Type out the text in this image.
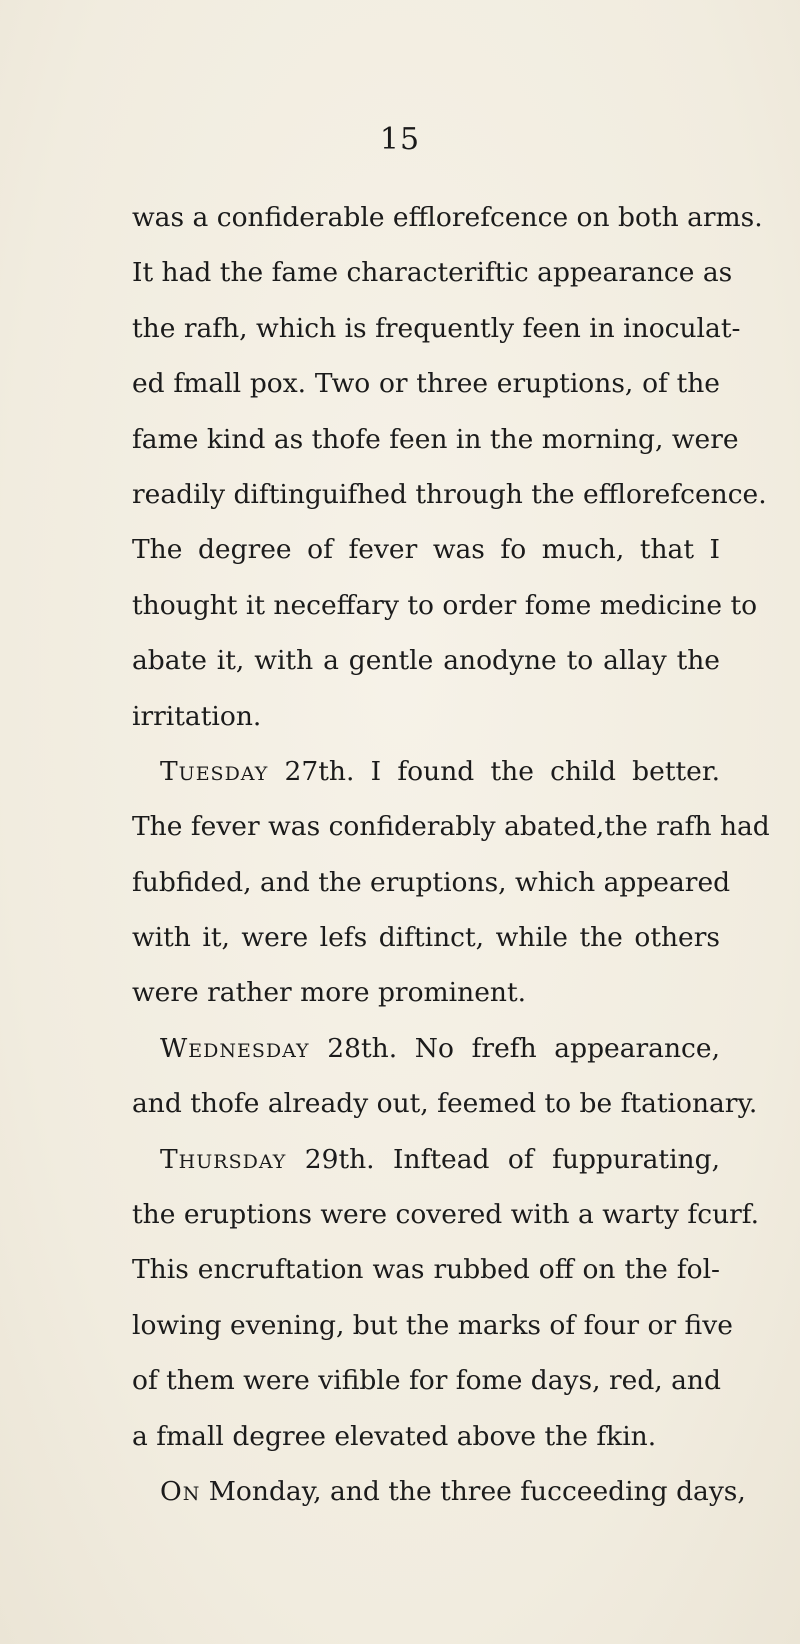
15
was a confiderable efflorefcence on both arms.
It had the fame characteriftic appearance as
the rafh, which is frequently feen in inoculat-
ed fmall pox. Two or three eruptions, of the
fame kind as thofe feen in the morning, were
readily diftinguifhed through the efflorefcence.
The degree of fever was fo much, that I
thought it neceffary to order fome medicine to
abate it, with a gentle anodyne to allay the
irritation.
Tuesday 27th. I found the child better.
The fever was confiderably abated,the rafh had
fubfided, and the eruptions, which appeared
with it, were lefs diftinct, while the others
were rather more prominent.
Wednesday 28th. No frefh appearance,
and thofe already out, feemed to be ftationary.
Thursday 29th. Inftead of fuppurating,
the eruptions were covered with a warty fcurf.
This encruftation was rubbed off on the fol-
lowing evening, but the marks of four or five
of them were vifible for fome days, red, and
a fmall degree elevated above the fkin.
On Monday, and the three fucceeding days,
